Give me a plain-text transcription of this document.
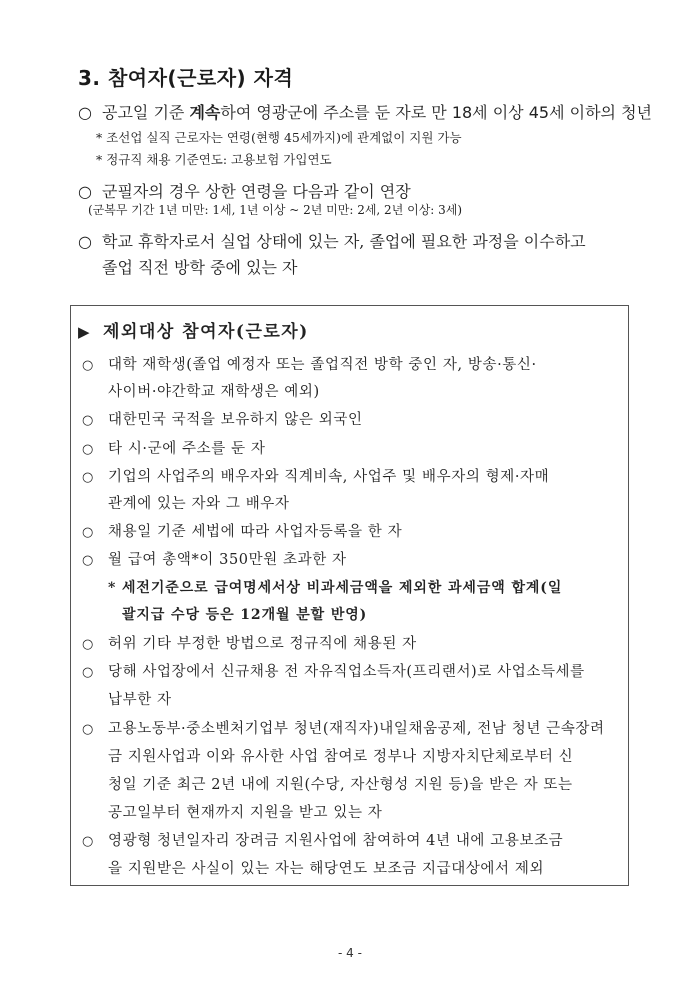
3. 참여자(근로자) 자격
○ 공고일 기준 계속하여 영광군에 주소를 둔 자로 만 18세 이상 45세 이하의 청년
* 조선업 실직 근로자는 연령(현행 45세까지)에 관계없이 지원 가능
* 정규직 채용 기준연도: 고용보험 가입연도
○ 군필자의 경우 상한 연령을 다음과 같이 연장
(군복무 기간 1년 미만: 1세, 1년 이상 ~ 2년 미만: 2세, 2년 이상: 3세)
○ 학교 휴학자로서 실업 상태에 있는 자, 졸업에 필요한 과정을 이수하고
졸업 직전 방학 중에 있는 자
▶ 제외대상 참여자(근로자)
○ 대학 재학생(졸업 예정자 또는 졸업직전 방학 중인 자, 방송·통신·
사이버·야간학교 재학생은 예외)
○ 대한민국 국적을 보유하지 않은 외국인
○ 타 시·군에 주소를 둔 자
○ 기업의 사업주의 배우자와 직계비속, 사업주 및 배우자의 형제·자매
관계에 있는 자와 그 배우자
○ 채용일 기준 세법에 따라 사업자등록을 한 자
○ 월 급여 총액*이 350만원 초과한 자
* 세전기준으로 급여명세서상 비과세금액을 제외한 과세금액 합계(일
괄지급 수당 등은 12개월 분할 반영)
○ 허위 기타 부정한 방법으로 정규직에 채용된 자
○ 당해 사업장에서 신규채용 전 자유직업소득자(프리랜서)로 사업소득세를
납부한 자
○ 고용노동부·중소벤처기업부 청년(재직자)내일채움공제, 전남 청년 근속장려
금 지원사업과 이와 유사한 사업 참여로 정부나 지방자치단체로부터 신
청일 기준 최근 2년 내에 지원(수당, 자산형성 지원 등)을 받은 자 또는
공고일부터 현재까지 지원을 받고 있는 자
○ 영광형 청년일자리 장려금 지원사업에 참여하여 4년 내에 고용보조금
을 지원받은 사실이 있는 자는 해당연도 보조금 지급대상에서 제외
- 4 -
